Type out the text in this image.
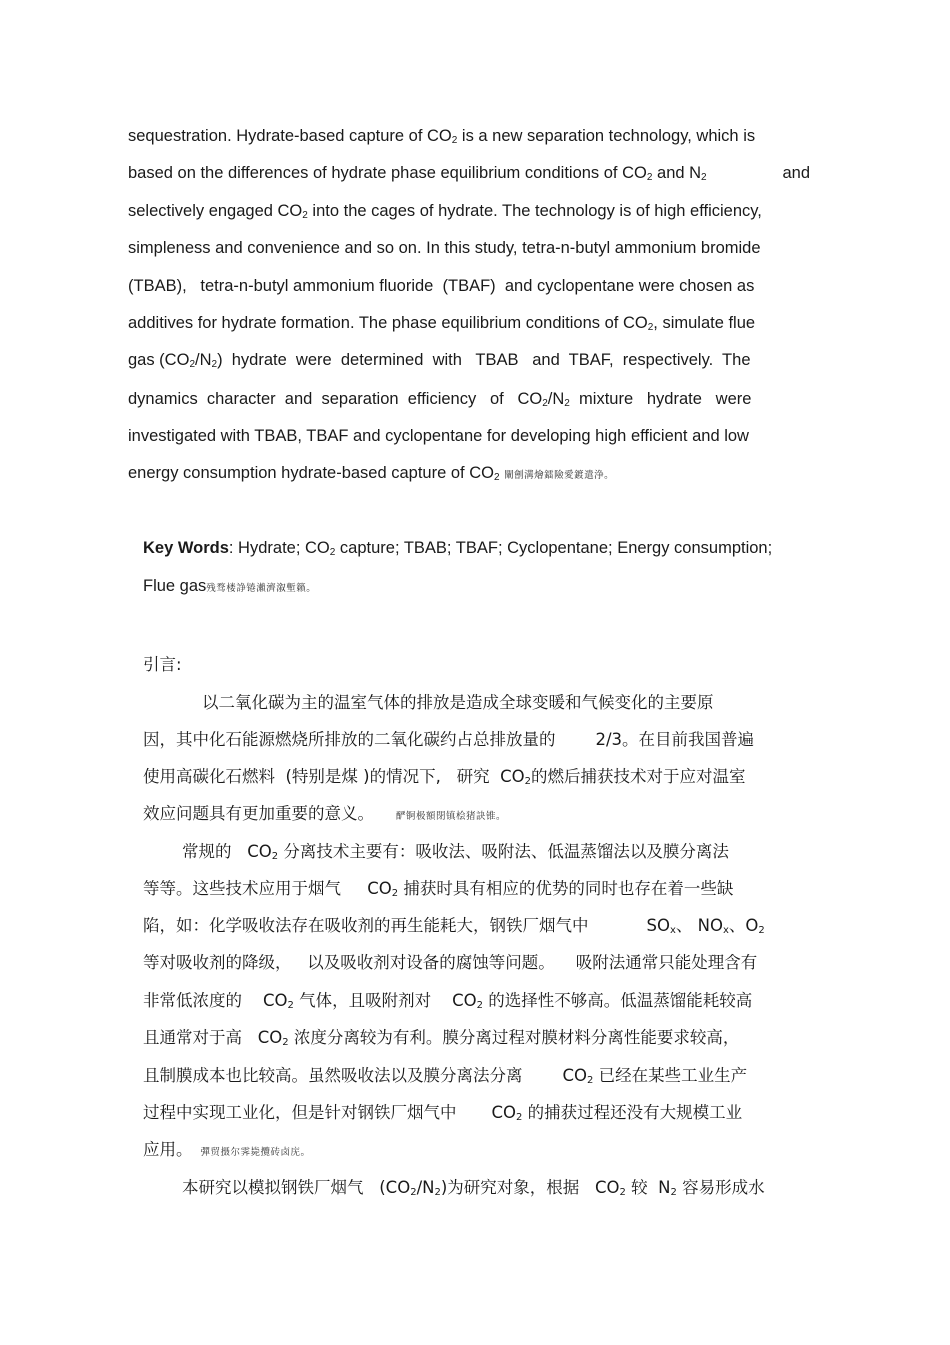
sequestration. Hydrate-based capture of $CO_2$ is a new separation technology, which is
based on the differences of hydrate phase equilibrium conditions of $CO_2$ and $N_2$	and
selectively engaged $CO_2$ into the cages of hydrate. The technology is of high efficiency,
simpleness and convenience and so on. In this study, tetra-n-butyl ammonium bromide
(TBAB),   tetra-n-butyl ammonium fluoride  (TBAF)  and cyclopentane were chosen as
additives for hydrate formation. The phase equilibrium conditions of $CO_2$, simulate flue
gas $(CO_2/N_2)$  hydrate  were  determined  with   TBAB   and  TBAF,  respectively.  The
dynamics  character  and  separation  efficiency   of   $CO_2/N_2$  mixture   hydrate   were
investigated with TBAB, TBAF and cyclopentane for developing high efficient and low
energy consumption hydrate-based capture of $CO_2$ 闡劊溝燴鐳險愛鍍遣浄。
Key Words: Hydrate; $CO_2$ capture; TBAB; TBAF; Cyclopentane; Energy consumption;
Flue gas残骛楼諍锩瀨濟溆塹籟。
引言:
以二氧化碳为主的温室气体的排放是造成全球变暖和气候变化的主要原
因，其中化石能源燃烧所排放的二氧化碳约占总排放量的 2/3。在目前我国普遍
使用高碳化石燃料  (特别是煤 )的情况下,   研究  $CO_2$的燃后捕获技术对于应对温室
效应问题具有更加重要的意义。 酽锕极額閉镇桧猪訣锥。
常规的   $CO_2$ 分离技术主要有：吸收法、吸附法、低温蒸馏法以及膜分离法
等等。这些技术应用于烟气     $CO_2$ 捕获时具有相应的优势的同时也存在着一些缺
陷，如：化学吸收法存在吸收剂的再生能耗大，钢铁厂烟气中	$SO_x$、 $NO_x$、$O_2$
等对吸收剂的降级，   以及吸收剂对设备的腐蚀等问题。    吸附法通常只能处理含有
非常低浓度的    $CO_2$ 气体，且吸附剂对    $CO_2$ 的选择性不够高。低温蒸馏能耗较高
且通常对于高   $CO_2$ 浓度分离较为有利。膜分离过程对膜材料分离性能要求较高，
且制膜成本也比较高。虽然吸收法以及膜分离法分离 $CO_2$ 已经在某些工业生产
过程中实现工业化，但是针对钢铁厂烟气中 $CO_2$ 的捕获过程还没有大规模工业
应用。 彈贸摄尔霁毙攬砖卤庑。
本研究以模拟钢铁厂烟气   $(CO_2/N_2)$为研究对象，根据   $CO_2$ 较  $N_2$ 容易形成水
